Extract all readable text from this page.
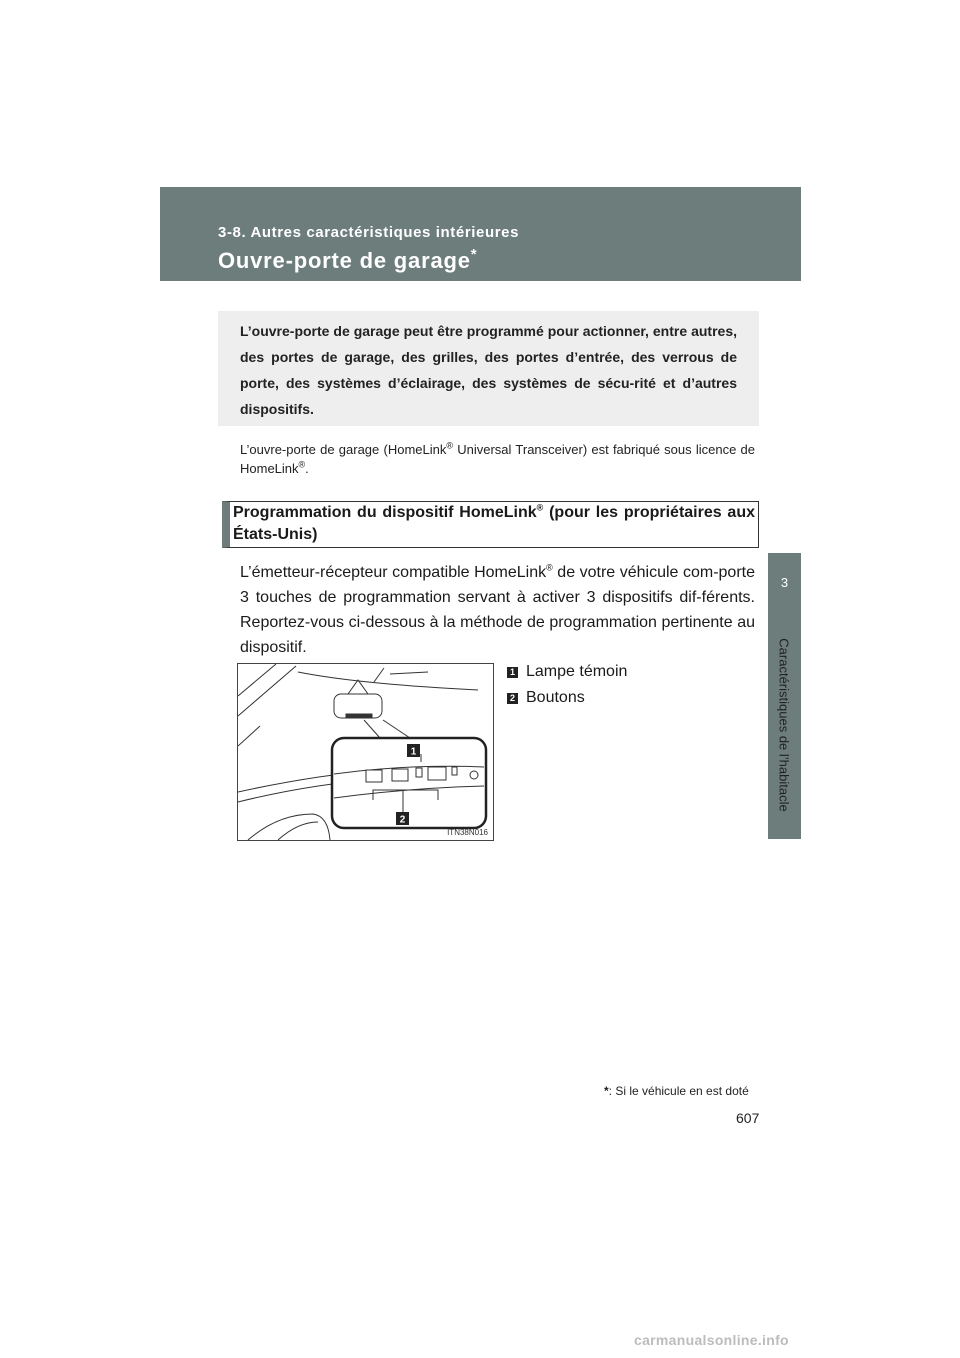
3-8. Autres caractéristiques intérieures
Ouvre-porte de garage*
3
Caractéristiques de l’habitacle

L’ouvre-porte de garage peut être programmé pour actionner, entre autres, des portes de garage, des grilles, des portes d’entrée, des verrous de porte, des systèmes d’éclairage, des systèmes de sécu-rité et d’autres dispositifs.

L’ouvre-porte de garage (HomeLink® Universal Transceiver) est fabriqué sous licence de HomeLink®.

Programmation du dispositif HomeLink® (pour les propriétaires aux États-Unis)

L’émetteur-récepteur compatible HomeLink® de votre véhicule com-porte 3 touches de programmation servant à activer 3 dispositifs dif-férents. Reportez-vous ci-dessous à la méthode de programmation pertinente au dispositif.

1 Lampe témoin
2 Boutons
1
2
ITN38N016
*: Si le véhicule en est doté
607
carmanualsonline.info
